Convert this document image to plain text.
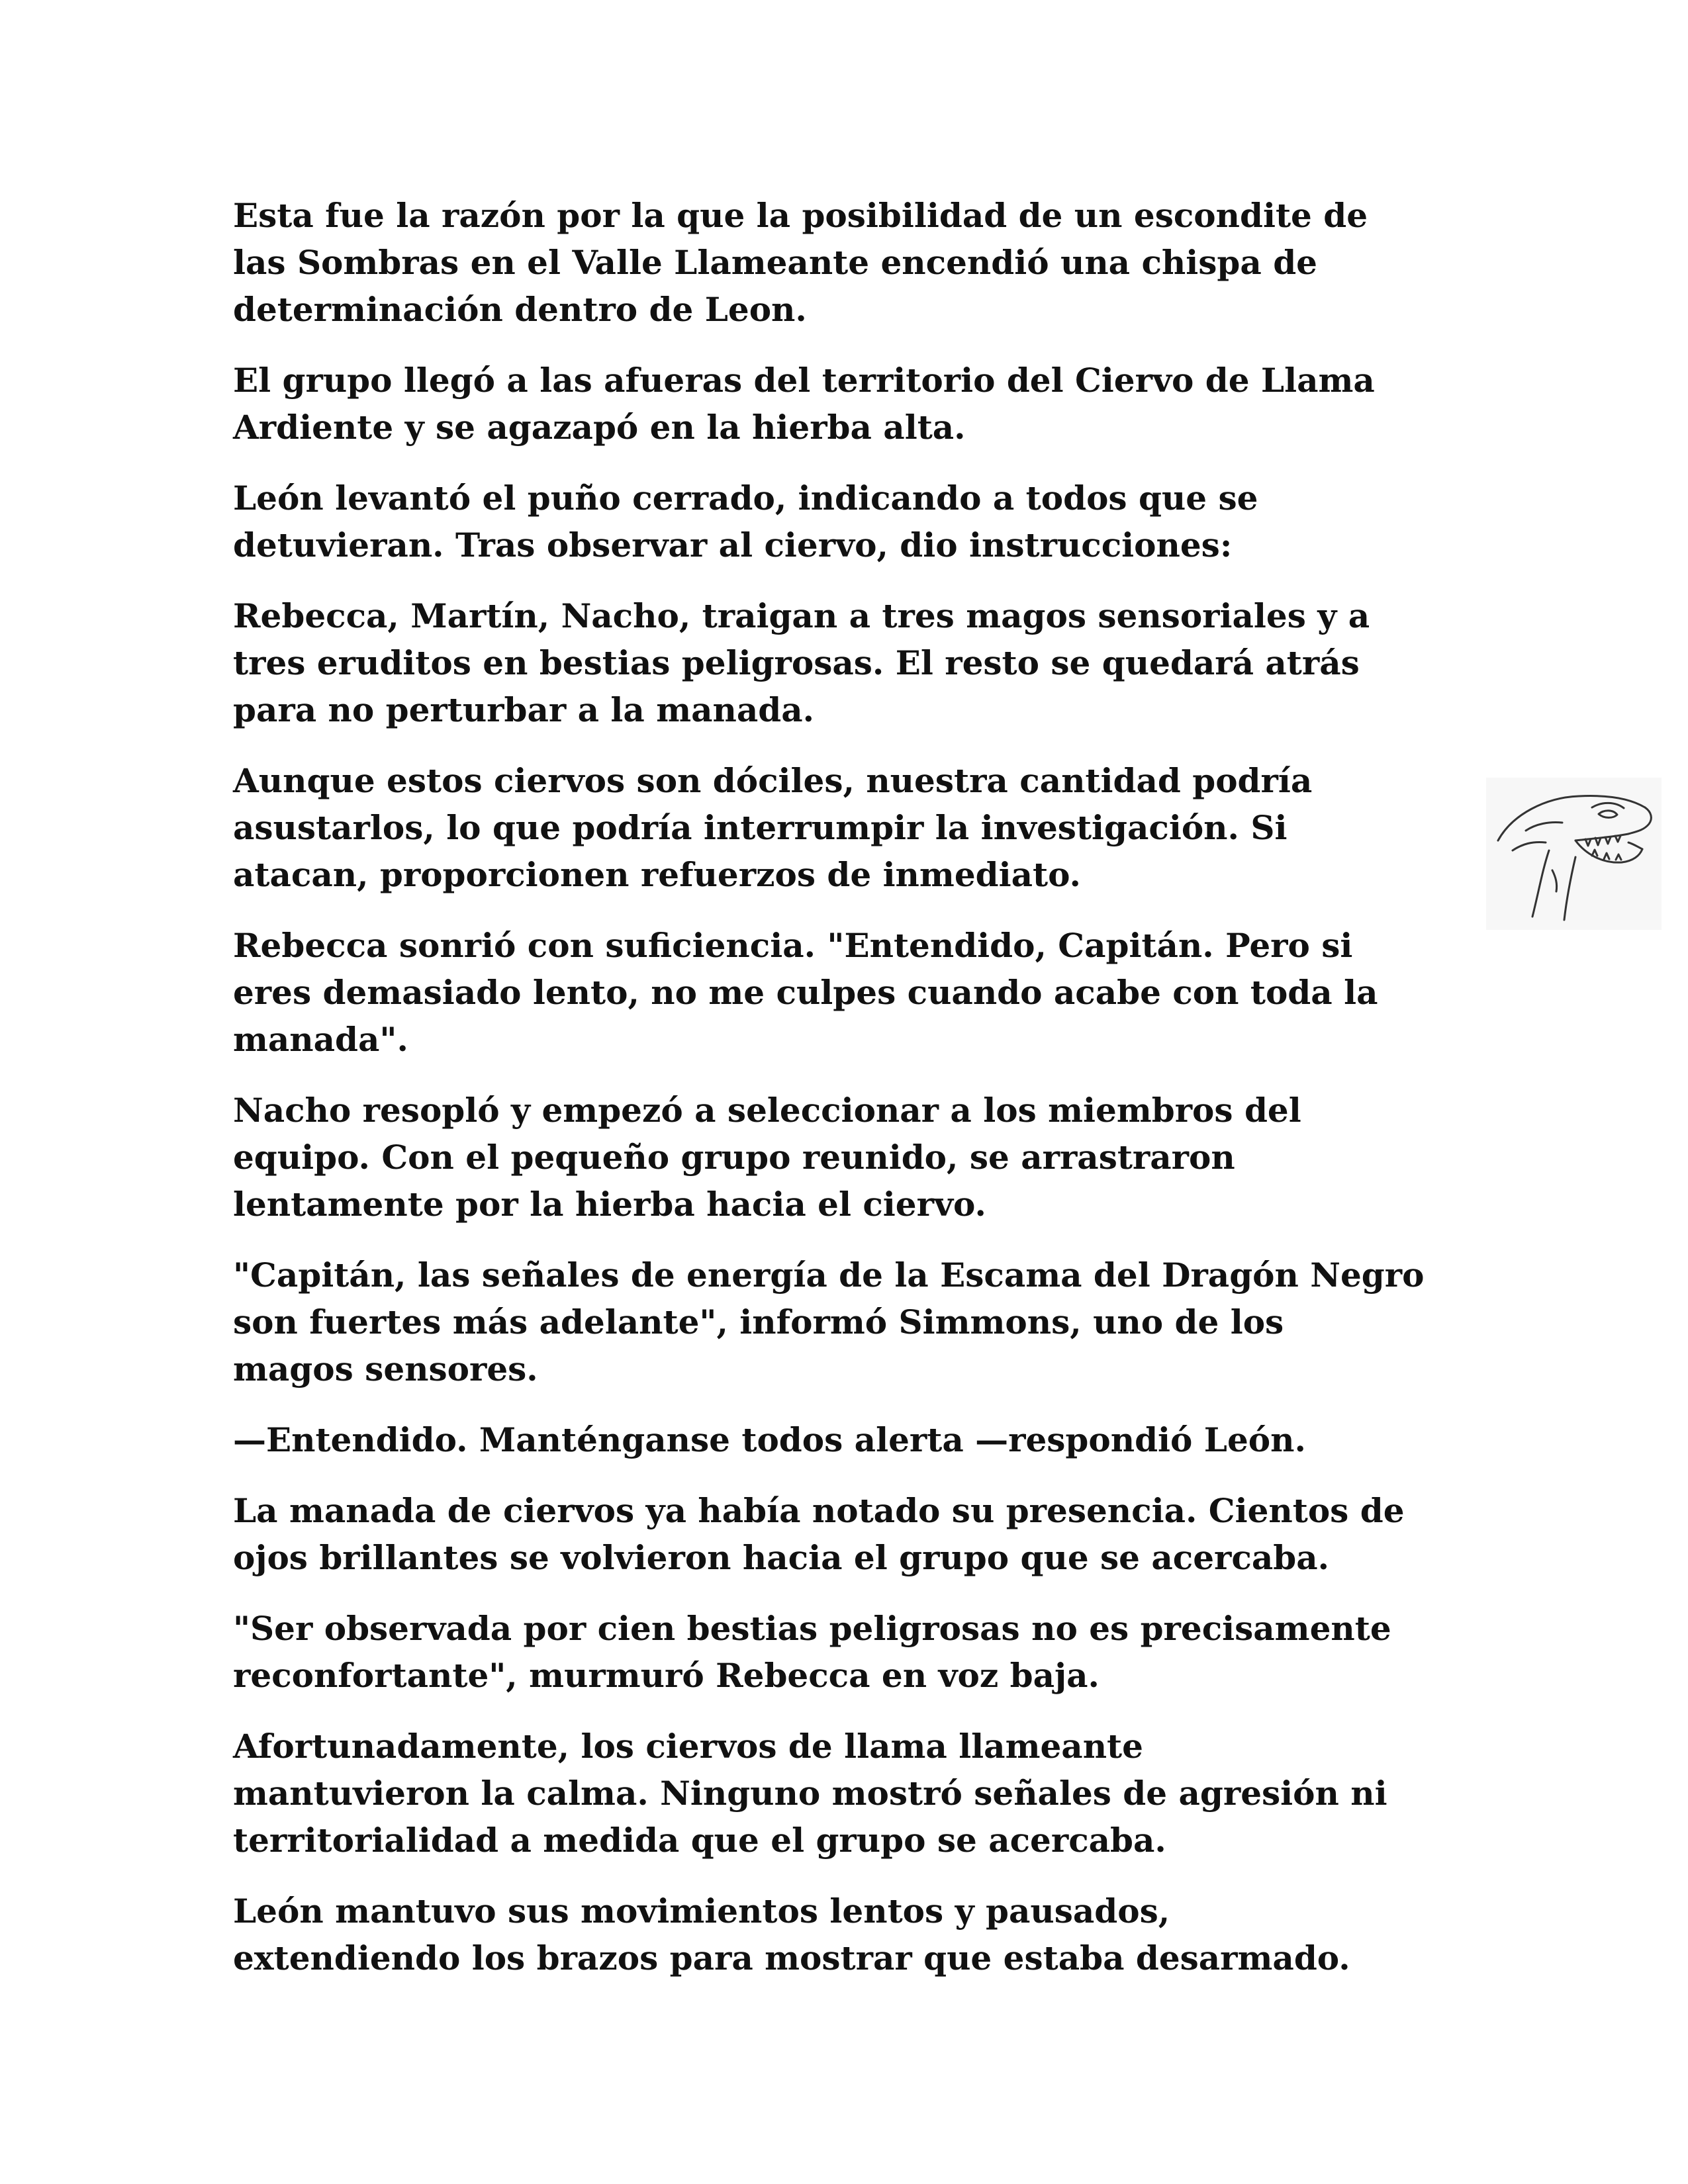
Esta fue la razón por la que la posibilidad de un escondite de
las Sombras en el Valle Llameante encendió una chispa de
determinación dentro de Leon.

El grupo llegó a las afueras del territorio del Ciervo de Llama
Ardiente y se agazapó en la hierba alta.

León levantó el puño cerrado, indicando a todos que se
detuvieran. Tras observar al ciervo, dio instrucciones:

Rebecca, Martín, Nacho, traigan a tres magos sensoriales y a
tres eruditos en bestias peligrosas. El resto se quedará atrás
para no perturbar a la manada.

Aunque estos ciervos son dóciles, nuestra cantidad podría
asustarlos, lo que podría interrumpir la investigación. Si
atacan, proporcionen refuerzos de inmediato.

Rebecca sonrió con suficiencia. "Entendido, Capitán. Pero si
eres demasiado lento, no me culpes cuando acabe con toda la
manada".

Nacho resopló y empezó a seleccionar a los miembros del
equipo. Con el pequeño grupo reunido, se arrastraron
lentamente por la hierba hacia el ciervo.

"Capitán, las señales de energía de la Escama del Dragón Negro
son fuertes más adelante", informó Simmons, uno de los
magos sensores.

—Entendido. Manténganse todos alerta —respondió León.

La manada de ciervos ya había notado su presencia. Cientos de
ojos brillantes se volvieron hacia el grupo que se acercaba.

"Ser observada por cien bestias peligrosas no es precisamente
reconfortante", murmuró Rebecca en voz baja.

Afortunadamente, los ciervos de llama llameante
mantuvieron la calma. Ninguno mostró señales de agresión ni
territorialidad a medida que el grupo se acercaba.

León mantuvo sus movimientos lentos y pausados,
extendiendo los brazos para mostrar que estaba desarmado.
